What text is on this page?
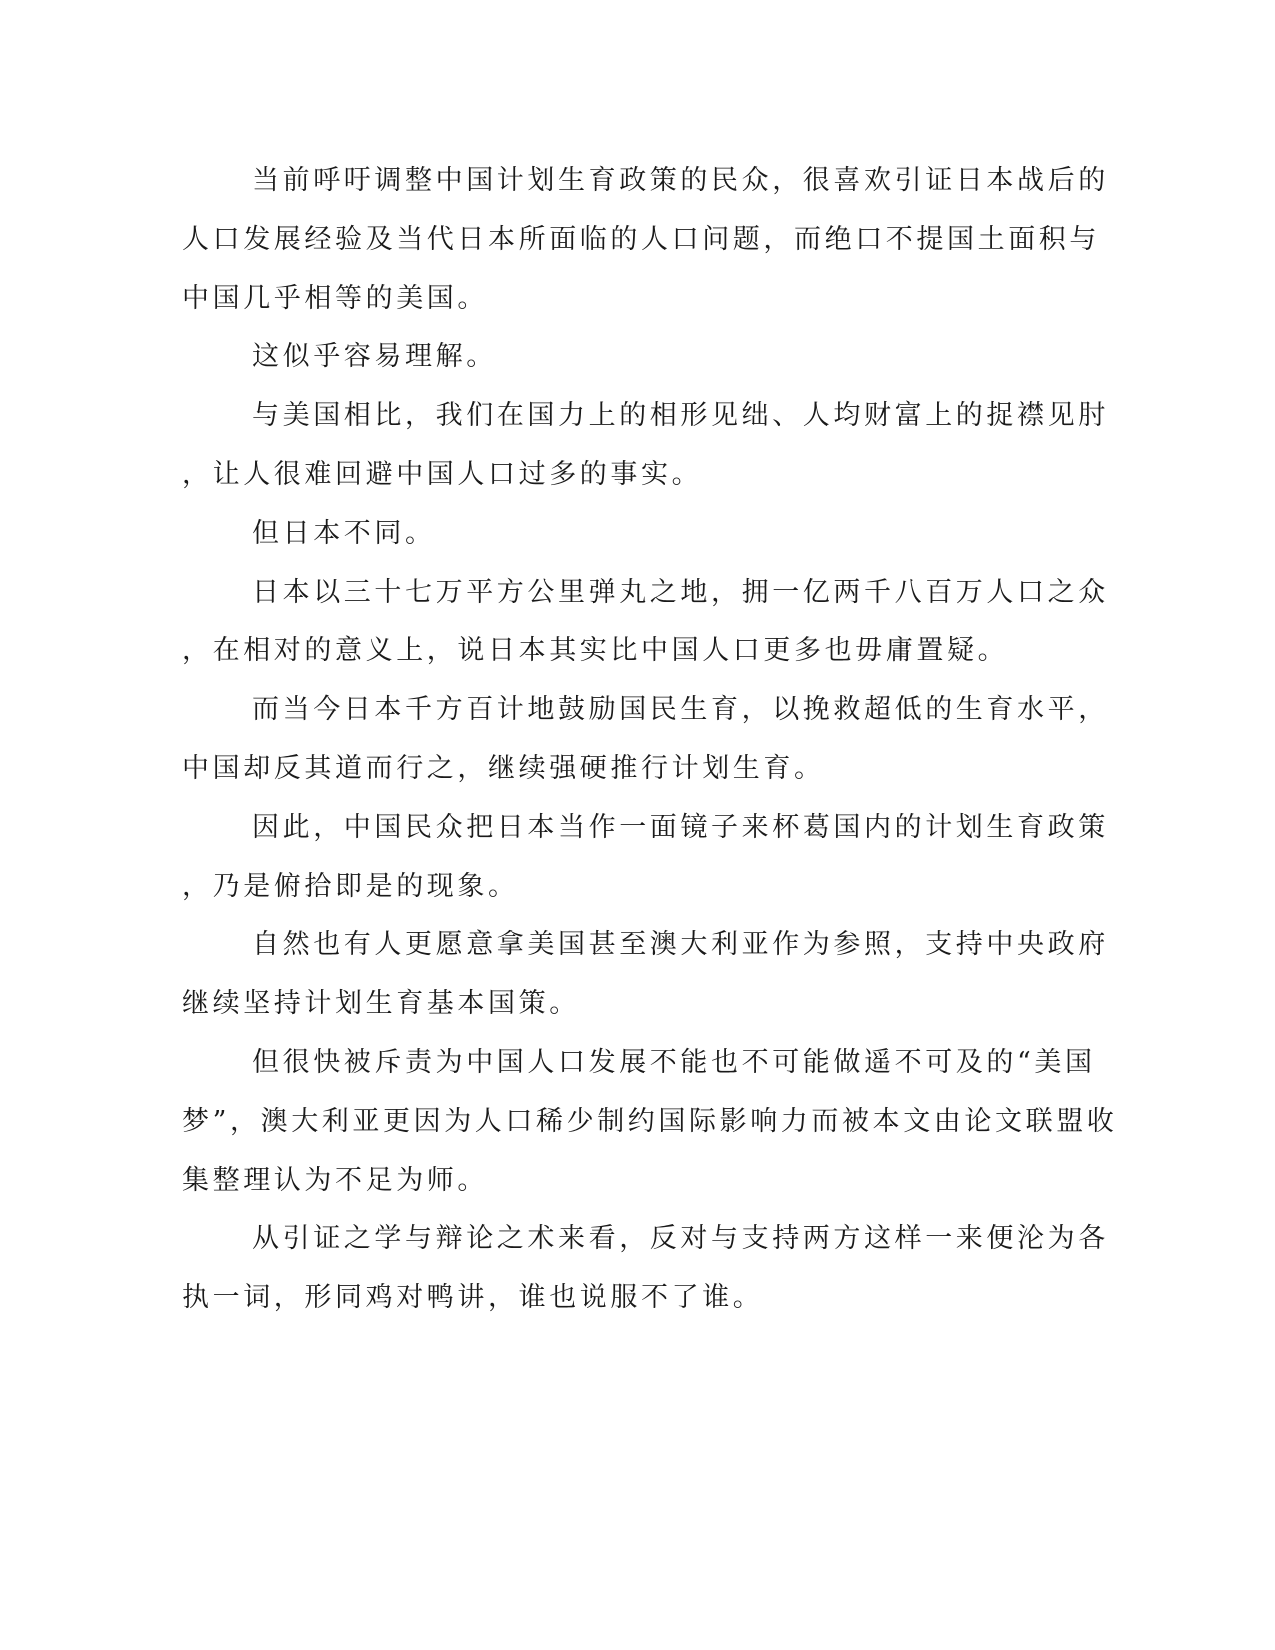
当前呼吁调整中国计划生育政策的民众，很喜欢引证日本战后的
人口发展经验及当代日本所面临的人口问题，而绝口不提国土面积与
中国几乎相等的美国。

这似乎容易理解。

与美国相比，我们在国力上的相形见绌、人均财富上的捉襟见肘
，让人很难回避中国人口过多的事实。

但日本不同。

日本以三十七万平方公里弹丸之地，拥一亿两千八百万人口之众
，在相对的意义上，说日本其实比中国人口更多也毋庸置疑。

而当今日本千方百计地鼓励国民生育，以挽救超低的生育水平，
中国却反其道而行之，继续强硬推行计划生育。

因此，中国民众把日本当作一面镜子来杯葛国内的计划生育政策
，乃是俯拾即是的现象。

自然也有人更愿意拿美国甚至澳大利亚作为参照，支持中央政府
继续坚持计划生育基本国策。

但很快被斥责为中国人口发展不能也不可能做遥不可及的“美国
梦”，澳大利亚更因为人口稀少制约国际影响力而被本文由论文联盟收
集整理认为不足为师。

从引证之学与辩论之术来看，反对与支持两方这样一来便沦为各
执一词，形同鸡对鸭讲，谁也说服不了谁。
